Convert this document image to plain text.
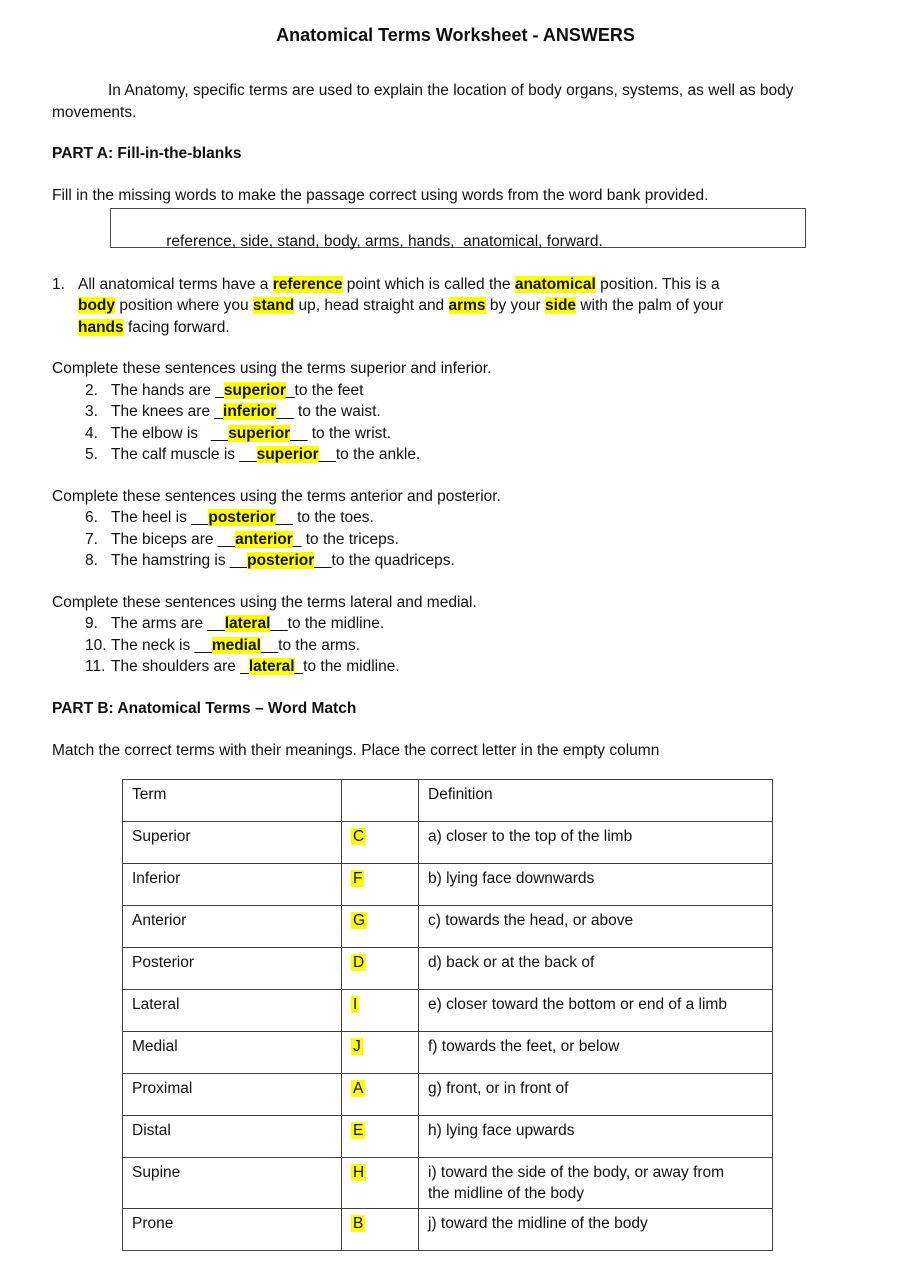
Anatomical Terms Worksheet - ANSWERS

In Anatomy, specific terms are used to explain the location of body organs, systems, as well as body movements.

PART A: Fill-in-the-blanks

Fill in the missing words to make the passage correct using words from the word bank provided.

reference, side, stand, body, arms, hands,  anatomical, forward.

1. All anatomical terms have a reference point which is called the anatomical position. This is a body position where you stand up, head straight and arms by your side with the palm of your hands facing forward.

Complete these sentences using the terms superior and inferior.

2. The hands are _superior_to the feet
3. The knees are _inferior__ to the waist.
4. The elbow is   __superior__ to the wrist.
5. The calf muscle is __superior__to the ankle.

Complete these sentences using the terms anterior and posterior.

6. The heel is __posterior__ to the toes.
7. The biceps are __anterior_ to the triceps.
8. The hamstring is __posterior__to the quadriceps.

Complete these sentences using the terms lateral and medial.

9. The arms are __lateral__to the midline.
10. The neck is __medial__to the arms.
11. The shoulders are _lateral_to the midline.
PART B: Anatomical Terms – Word Match

Match the correct terms with their meanings. Place the correct letter in the empty column

Term		Definition
Superior	C	a) closer to the top of the limb
Inferior	F	b) lying face downwards
Anterior	G	c) towards the head, or above
Posterior	D	d) back or at the back of
Lateral	I	e) closer toward the bottom or end of a limb
Medial	J	f) towards the feet, or below
Proximal	A	g) front, or in front of
Distal	E	h) lying face upwards
Supine	H	i) toward the side of the body, or away from the midline of the body
Prone	B	j) toward the midline of the body
